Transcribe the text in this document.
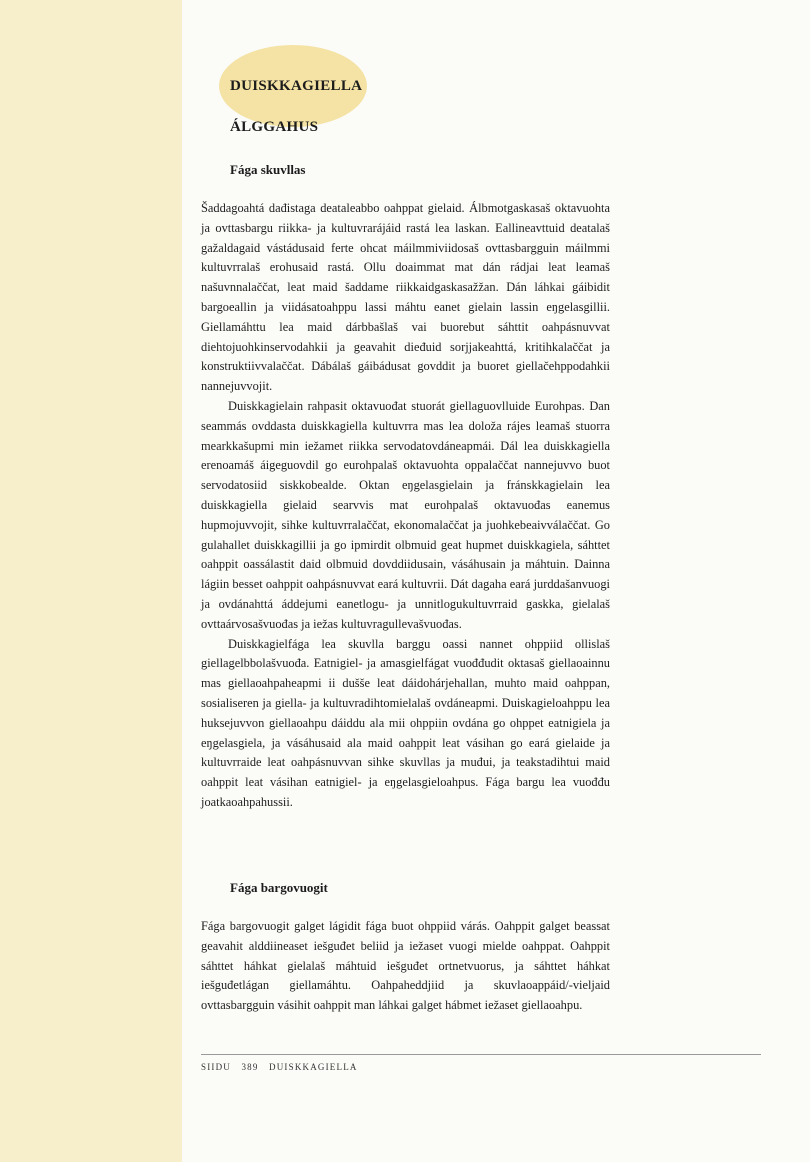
DUISKKAGIELLA
ÁLGGAHUS
Fága skuvllas

Šaddagoahtá dađistaga deataleabbo oahppat gielaid. Álbmotgaskasaš oktavuohta ja ovttasbargu riikka- ja kultuvrarájáid rastá lea laskan. Eallineavttuid deatalaš gažaldagaid vástádusaid ferte ohcat máilmmiviidosaš ovttasbargguin máilmmi kultuvrralaš erohusaid rastá. Ollu doaimmat mat dán rádjai leat leamaš našuvnnalaččat, leat maid šaddame riikkaidgaskasažžan. Dán láhkai gáibidit bargoeallin ja viidásatoahppu lassi máhtu eanet gielain lassin eŋgelasgillii. Giellamáhttu lea maid dárbbašlaš vai buorebut sáhttit oahpásnuvvat diehtojuohkinservodahkii ja geavahit dieđuid sorjjakeahttá, kritihkalaččat ja konstruktiivvalaččat. Dábálaš gáibádusat govddit ja buoret giellačehppodahkii nannejuvvojit.

Duiskkagielain rahpasit oktavuođat stuorát giellaguovlluide Eurohpas. Dan seammás ovddasta duiskkagiella kultuvrra mas lea doloža rájes leamaš stuorra mearkkašupmi min iežamet riikka servodatovdáneapmái. Dál lea duiskkagiella erenoamáš áigeguovdil go eurohpalaš oktavuohta oppalaččat nannejuvvo buot servodatosiid siskkobealde. Oktan eŋgelasgielain ja fránskkagielain lea duiskkagiella gielaid searvvis mat eurohpalaš oktavuođas eanemus hupmojuvvojit, sihke kultuvrralaččat, ekonomalaččat ja juohkebeaivválaččat. Go gulahallet duiskkagillii ja go ipmirdit olbmuid geat hupmet duiskkagiela, sáhttet oahppit oassálastit daid olbmuid dovddiidusain, vásáhusain ja máhtuin. Dainna lágiin besset oahppit oahpásnuvvat eará kultuvrii. Dát dagaha eará jurddašanvuogi ja ovdánahttá áddejumi eanetlogu- ja unnitlogukultuvrraid gaskka, gielalaš ovttaárvosašvuođas ja iežas kultuvragullevašvuođas.

Duiskkagielfága lea skuvlla barggu oassi nannet ohppiid ollislaš giellagelbbolašvuođa. Eatnigiel- ja amasgielfágat vuođđudit oktasaš giellaoainnu mas giellaoahpaheapmi ii dušše leat dáidohárjehallan, muhto maid oahppan, sosialiseren ja giella- ja kultuvradihtomielalaš ovdáneapmi. Duiskagieloahppu lea huksejuvvon giellaoahpu dáiddu ala mii ohppiin ovdána go ohppet eatnigiela ja eŋgelasgiela, ja vásáhusaid ala maid oahppit leat vásihan go eará gielaide ja kultuvrraide leat oahpásnuvvan sihke skuvllas ja muđui, ja teakstadihtui maid oahppit leat vásihan eatnigiel- ja eŋgelasgieloahpus. Fága bargu lea vuođđu joatkaoahpahussii.

Fága bargovuogit

Fága bargovuogit galget lágidit fága buot ohppiid várás. Oahppit galget beassat geavahit alddiineaset iešguđet beliid ja iežaset vuogi mielde oahppat. Oahppit sáhttet háhkat gielalaš máhtuid iešguđet ortnetvuorus, ja sáhttet háhkat iešguđetlágan giellamáhtu. Oahpaheddjiid ja skuvlaoappáid/-vieljaid ovttasbargguin vásihit oahppit man láhkai galget hábmet iežaset giellaoahpu.

SIIDU 389 DUISKKAGIELLA
